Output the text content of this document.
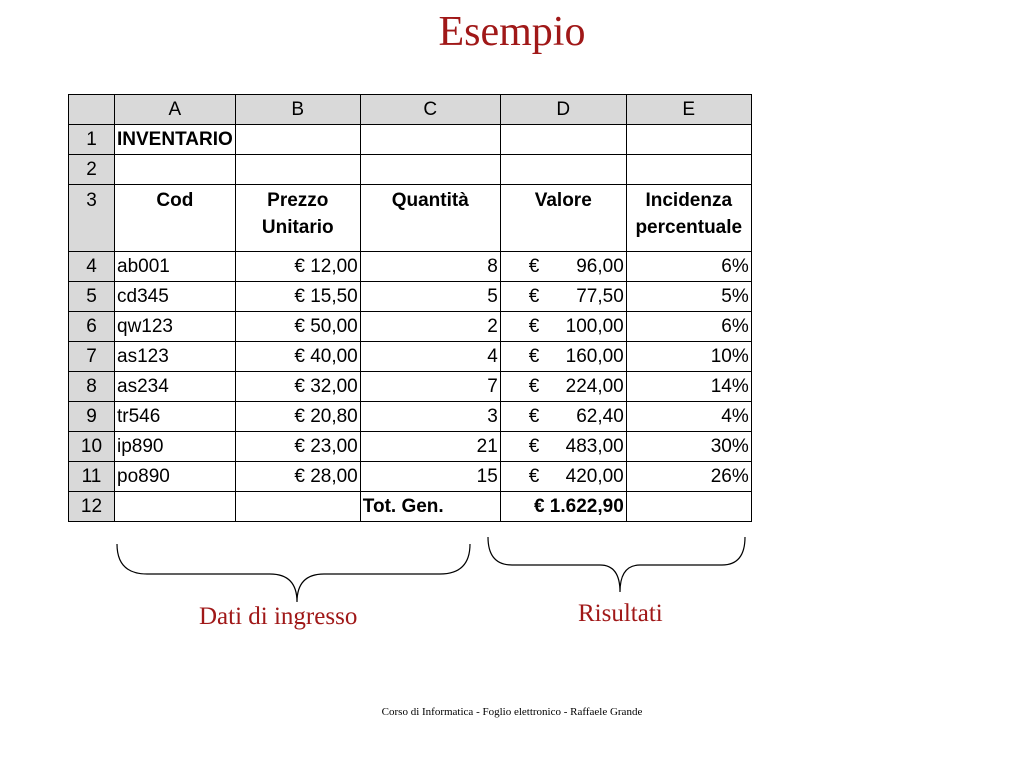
Esempio
	A	B	C	D	E
1	INVENTARIO				
2					
3	Cod	Prezzo Unitario	Quantità	Valore	Incidenza percentuale
4	ab001	€ 12,00	8	€ 96,00	6%
5	cd345	€ 15,50	5	€ 77,50	5%
6	qw123	€ 50,00	2	€ 100,00	6%
7	as123	€ 40,00	4	€ 160,00	10%
8	as234	€ 32,00	7	€ 224,00	14%
9	tr546	€ 20,80	3	€ 62,40	4%
10	ip890	€ 23,00	21	€ 483,00	30%
11	po890	€ 28,00	15	€ 420,00	26%
12			Tot. Gen.	€ 1.622,90	
Dati di ingresso	Risultati
Corso di Informatica - Foglio elettronico - Raffaele Grande
